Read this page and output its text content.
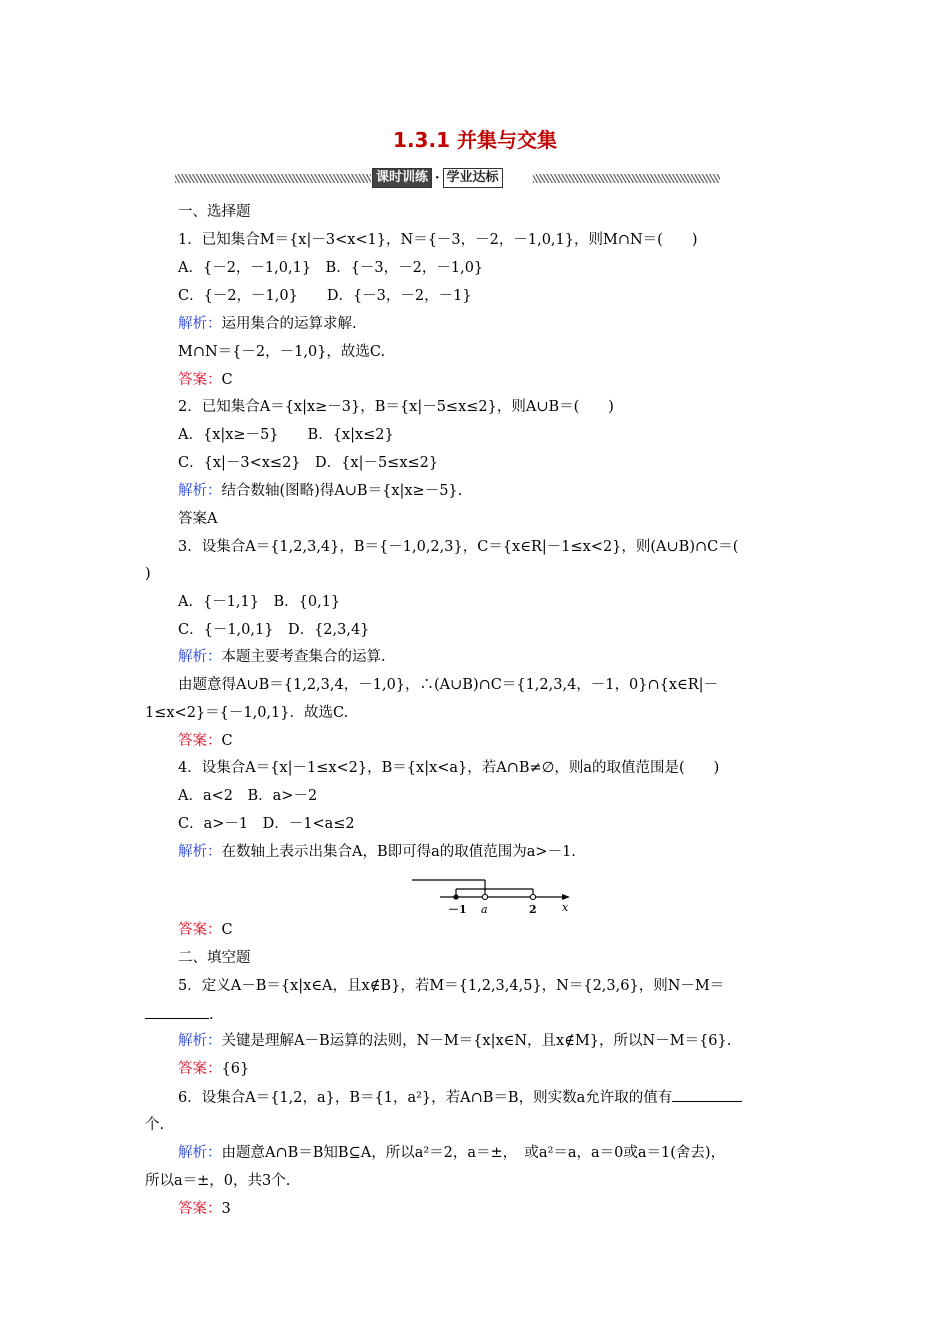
1.3.1 并集与交集
课时训练 · 学业达标
一、选择题
1．已知集合M＝{x|－3<x<1}，N＝{－3，－2，－1,0,1}，则M∩N＝(　　)
A．{－2，－1,0,1}　B．{－3，－2，－1,0}
C．{－2，－1,0}　　D．{－3，－2，－1}
解析：运用集合的运算求解.
M∩N＝{－2，－1,0}，故选C.
答案：C
2．已知集合A＝{x|x≥－3}，B＝{x|－5≤x≤2}，则A∪B＝(　　)
A．{x|x≥－5}　　B．{x|x≤2}
C．{x|－3<x≤2}　D．{x|－5≤x≤2}
解析：结合数轴(图略)得A∪B＝{x|x≥－5}.
答案A
3．设集合A＝{1,2,3,4}，B＝{－1,0,2,3}，C＝{x∈R|－1≤x<2}，则(A∪B)∩C＝(
)
A．{－1,1}　B．{0,1}
C．{－1,0,1}　D．{2,3,4}
解析：本题主要考查集合的运算.
由题意得A∪B＝{1,2,3,4，－1,0}，∴(A∪B)∩C＝{1,2,3,4，－1，0}∩{x∈R|－
1≤x<2}＝{－1,0,1}．故选C.
答案：C
4．设集合A＝{x|－1≤x<2}，B＝{x|x<a}，若A∩B≠∅，则a的取值范围是(　　)
A．a<2　B．a>－2
C．a>－1　D．－1<a≤2
解析：在数轴上表示出集合A，B即可得a的取值范围为a>－1.
答案：C
二、填空题
5．定义A－B＝{x|x∈A，且x∉B}，若M＝{1,2,3,4,5}，N＝{2,3,6}，则N－M＝
.
解析：关键是理解A－B运算的法则，N－M＝{x|x∈N，且x∉M}，所以N－M＝{6}.
答案：{6}
6．设集合A＝{1,2，a}，B＝{1，a²}，若A∩B＝B，则实数a允许取的值有
个.
解析：由题意A∩B＝B知B⊆A，所以a²＝2，a＝±，　或a²＝a，a＝0或a＝1(舍去)，
所以a＝±，0，共3个.
答案：3
－1 a	2 x
